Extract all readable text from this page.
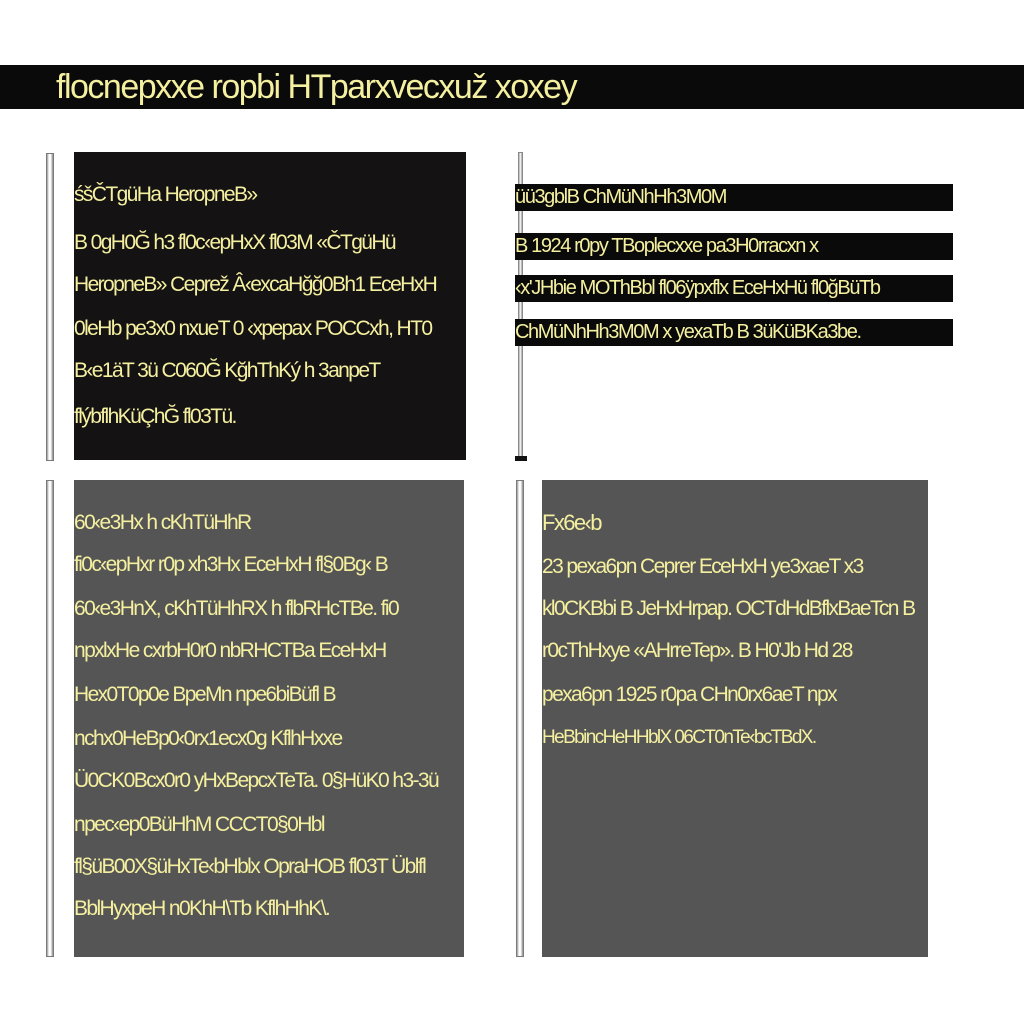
flocnepxxe ropbi HTparxvecxuž xoxey
śšČTgüHa HeropneB»
B 0gH0Ğ h3 fl0c‹epHxX fl03M «ČTgüHü
HeropneB» Ceprež Â‹excaHğğ0Bh1 EceHxH
0leHb pe3x0 nxueT 0 ‹xpepax POCCxh, HT0
B‹e1äT 3ü C060Ğ KğhThKý h 3anpeT
flýbflhKüÇhĞ fl03Tü.
üü3gblB ChMüNhHh3M0M
B 1924 r0py TBoplecxxe pa3H0rracxn x
‹x'JHbie MOThBbl fl06ÿpxflx EceHxHü fl0ğBüTb
ChMüNhHh3M0M x yexaTb B 3üKüBKa3be.
60‹e3Hx h cKhTüHhR
fi0c‹epHxr r0p xh3Hx EceHxH fl§0Bg‹ B
60‹e3HnX, cKhTüHhRX h flbRHcTBe. fi0
npxlxHe cxrbH0r0 nbRHCTBa EceHxH
Hex0T0p0e BpeMn npe6biBüfl B
nchx0HeBp0‹0rx1ecx0g KflhHxxe
Ü0CK0Bcx0r0 yHxBepcxTeTa. 0§HüK0 h3-3ü
npec‹ep0BüHhM CCCT0§0Hbl
fl§üB00X§üHxTe‹bHblx OpraHOB fl03T Üblfl
BblHyxpeH n0KhH\Tb KflhHhK\.
Fx6e‹b
23 pexa6pn Ceprer EceHxH ye3xaeT x3
kl0CKBbi B JeHxHrpap. OCTdHdBflxBaeTcn B
r0cThHxye «AHrreTep». B H0'Jb Hd 28
pexa6pn 1925 r0pa CHn0rx6aeT npx
HeBbincHeHHblX 06CT0nTe‹bcTBdX.
